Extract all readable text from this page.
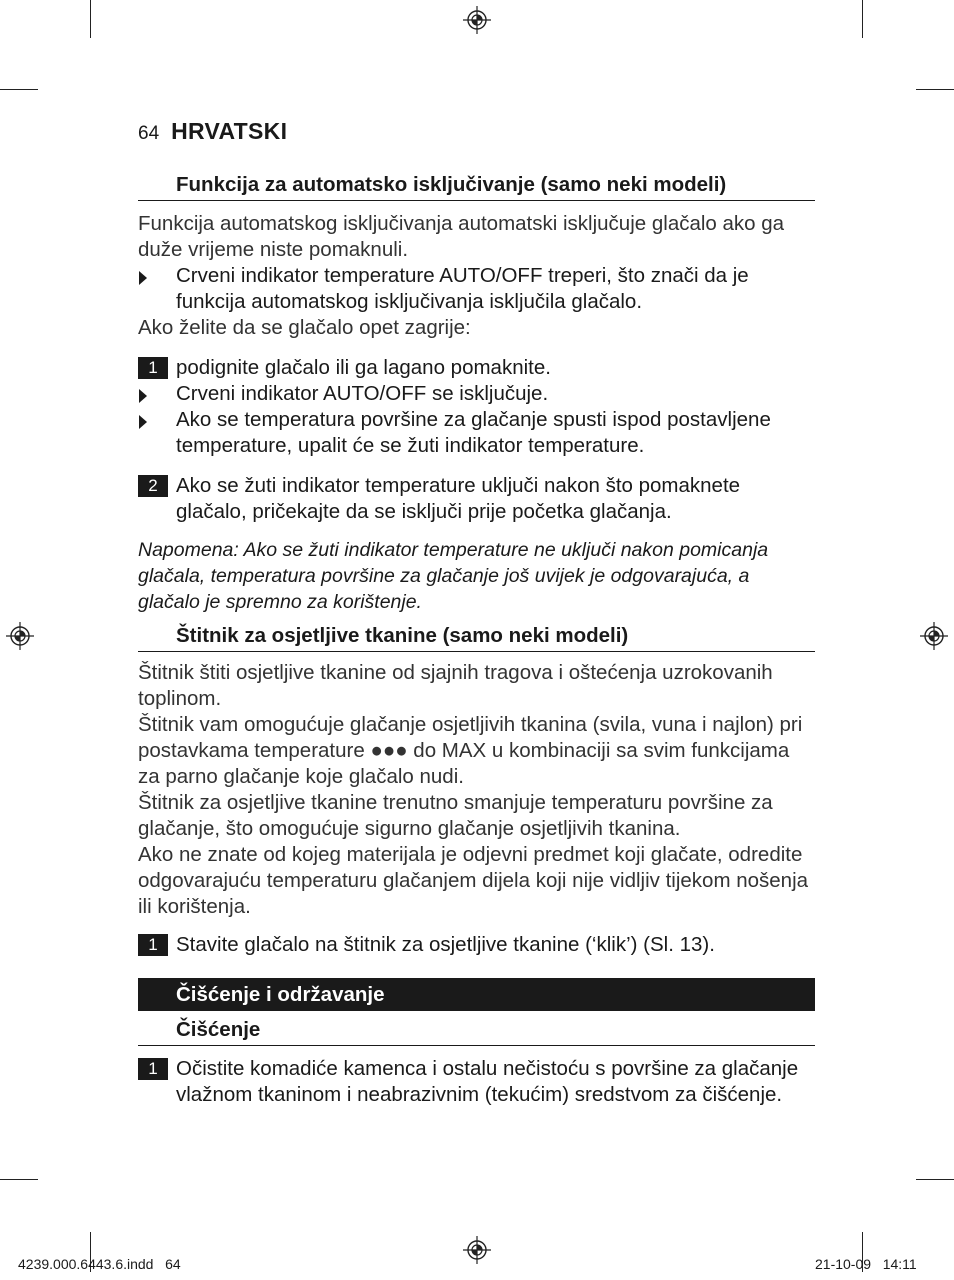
64 HRVATSKI
Funkcija za automatsko isključivanje (samo neki modeli)

Funkcija automatskog isključivanja automatski isključuje glačalo ako ga duže vrijeme niste pomaknuli.

Crveni indikator temperature AUTO/OFF treperi, što znači da je funkcija automatskog isključivanja isključila glačalo.

Ako želite da se glačalo opet zagrije:

1 podignite glačalo ili ga lagano pomaknite.
Crveni indikator AUTO/OFF se isključuje.
Ako se temperatura površine za glačanje spusti ispod postavljene temperature, upalit će se žuti indikator temperature.
2 Ako se žuti indikator temperature uključi nakon što pomaknete glačalo, pričekajte da se isključi prije početka glačanja.

Napomena: Ako se žuti indikator temperature ne uključi nakon pomicanja glačala, temperatura površine za glačanje još uvijek je odgovarajuća, a glačalo je spremno za korištenje.

Štitnik za osjetljive tkanine (samo neki modeli)

Štitnik štiti osjetljive tkanine od sjajnih tragova i oštećenja uzrokovanih toplinom.

Štitnik vam omogućuje glačanje osjetljivih tkanina (svila, vuna i najlon) pri postavkama temperature ●●● do MAX u kombinaciji sa svim funkcijama za parno glačanje koje glačalo nudi.

Štitnik za osjetljive tkanine trenutno smanjuje temperaturu površine za glačanje, što omogućuje sigurno glačanje osjetljivih tkanina.

Ako ne znate od kojeg materijala je odjevni predmet koji glačate, odredite odgovarajuću temperaturu glačanjem dijela koji nije vidljiv tijekom nošenja ili korištenja.

1 Stavite glačalo na štitnik za osjetljive tkanine (‘klik’) (Sl. 13).
Čišćenje i održavanje
Čišćenje
1 Očistite komadiće kamenca i ostalu nečistoću s površine za glačanje vlažnom tkaninom i neabrazivnim (tekućim) sredstvom za čišćenje.
4239.000.6443.6.indd   64	21-10-09   14:11
